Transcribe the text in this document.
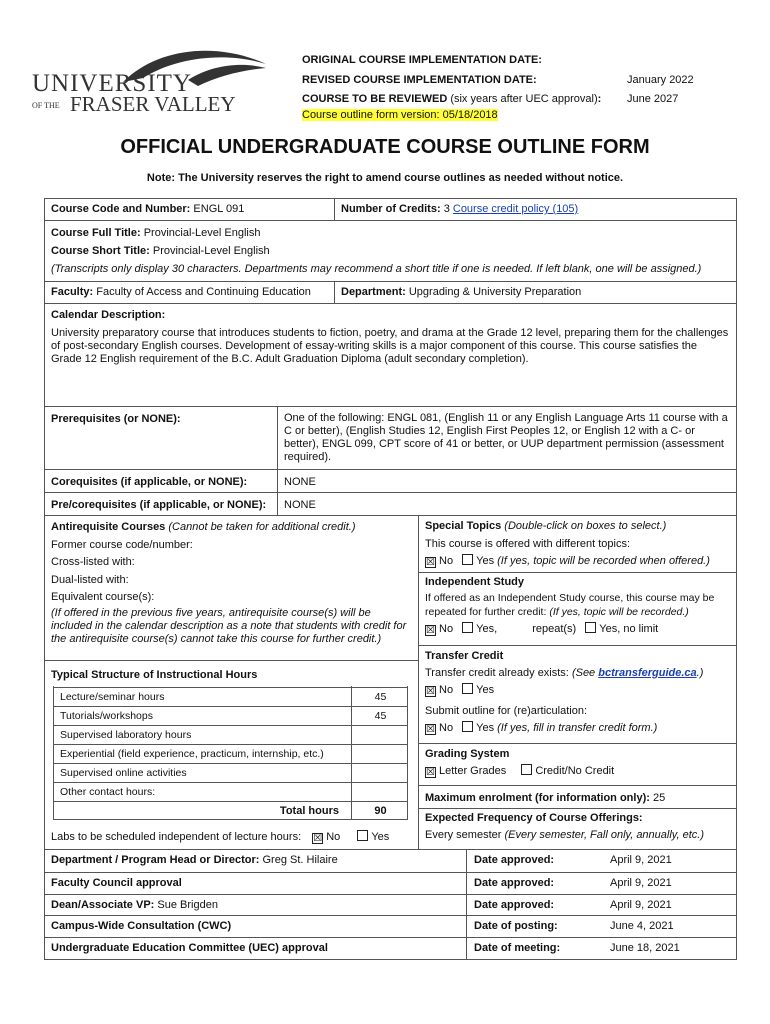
UNIVERSITY
OF THE FRASER VALLEY
ORIGINAL COURSE IMPLEMENTATION DATE:
REVISED COURSE IMPLEMENTATION DATE:	January 2022
COURSE TO BE REVIEWED (six years after UEC approval): June 2027
Course outline form version: 05/18/2018
OFFICIAL UNDERGRADUATE COURSE OUTLINE FORM
Note: The University reserves the right to amend course outlines as needed without notice.
Course Code and Number: ENGL 091	Number of Credits: 3 Course credit policy (105)
Course Full Title: Provincial-Level English
Course Short Title: Provincial-Level English
(Transcripts only display 30 characters. Departments may recommend a short title if one is needed. If left blank, one will be assigned.)
Faculty: Faculty of Access and Continuing Education	Department: Upgrading & University Preparation
Calendar Description:
University preparatory course that introduces students to fiction, poetry, and drama at the Grade 12 level, preparing them for the challenges of post-secondary English courses. Development of essay-writing skills is a major component of this course. This course satisfies the Grade 12 English requirement of the B.C. Adult Graduation Diploma (adult secondary completion).
Prerequisites (or NONE):	One of the following: ENGL 081, (English 11 or any English Language Arts 11 course with a C or better), (English Studies 12, English First Peoples 12, or English 12 with a C- or better), ENGL 099, CPT score of 41 or better, or UUP department permission (assessment required).
Corequisites (if applicable, or NONE):	NONE
Pre/corequisites (if applicable, or NONE):	NONE
Antirequisite Courses (Cannot be taken for additional credit.)
Former course code/number:
Cross-listed with:
Dual-listed with:
Equivalent course(s):
(If offered in the previous five years, antirequisite course(s) will be included in the calendar description as a note that students with credit for the antirequisite course(s) cannot take this course for further credit.)
Typical Structure of Instructional Hours
Lecture/seminar hours	45
Tutorials/workshops	45
Supervised laboratory hours
Experiential (field experience, practicum, internship, etc.)
Supervised online activities
Other contact hours:
Total hours	90
Labs to be scheduled independent of lecture hours: ☒ No	Yes
Special Topics (Double-click on boxes to select.)
This course is offered with different topics:
☒ No Yes (If yes, topic will be recorded when offered.)
Independent Study
If offered as an Independent Study course, this course may be repeated for further credit: (If yes, topic will be recorded.)
☒ No Yes,	repeat(s) Yes, no limit
Transfer Credit
Transfer credit already exists: (See bctransferguide.ca.)
☒ No Yes
Submit outline for (re)articulation:
☒ No Yes (If yes, fill in transfer credit form.)
Grading System
☒ Letter Grades	Credit/No Credit
Maximum enrolment (for information only): 25
Expected Frequency of Course Offerings:
Every semester (Every semester, Fall only, annually, etc.)
Department / Program Head or Director: Greg St. Hilaire	Date approved:	April 9, 2021
Faculty Council approval	Date approved:	April 9, 2021
Dean/Associate VP: Sue Brigden	Date approved:	April 9, 2021
Campus-Wide Consultation (CWC)	Date of posting:	June 4, 2021
Undergraduate Education Committee (UEC) approval	Date of meeting:	June 18, 2021
